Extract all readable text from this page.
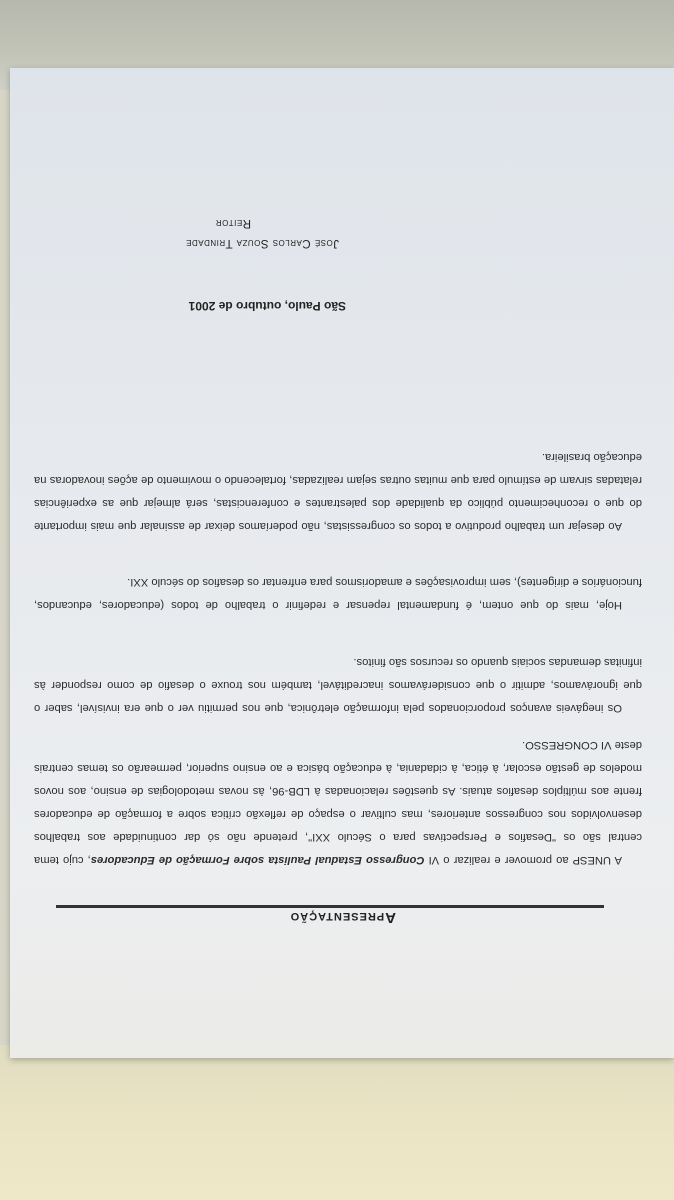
Apresentação
A UNESP ao promover e realizar o VI Congresso Estadual Paulista sobre Formação de Educadores, cujo tema central são os "Desafios e Perspectivas para o Século XXI", pretende não só dar continuidade aos trabalhos desenvolvidos nos congressos anteriores, mas cultivar o espaço de reflexão crítica sobre a formação de educadores frente aos múltiplos desafios atuais. As questões relacionadas à LDB-96, às novas metodologias de ensino, aos novos modelos de gestão escolar, à ética, à cidadania, à educação básica e ao ensino superior, permearão os temas centrais deste VI CONGRESSO.
Os inegáveis avanços proporcionados pela informação eletrônica, que nos permitiu ver o que era invisível, saber o que ignorávamos, admitir o que considerávamos inacreditável, também nos trouxe o desafio de como responder às infinitas demandas sociais quando os recursos são finitos.
Hoje, mais do que ontem, é fundamental repensar e redefinir o trabalho de todos (educadores, educandos, funcionários e dirigentes), sem improvisações e amadorismos para enfrentar os desafios do século XXI.
Ao desejar um trabalho produtivo a todos os congressistas, não poderíamos deixar de assinalar que mais importante do que o reconhecimento público da qualidade dos palestrantes e conferencistas, será almejar que as experiências relatadas sirvam de estímulo para que muitas outras sejam realizadas, fortalecendo o movimento de ações inovadoras na educação brasileira.
São Paulo, outubro de 2001
José Carlos Souza Trindade
Reitor
